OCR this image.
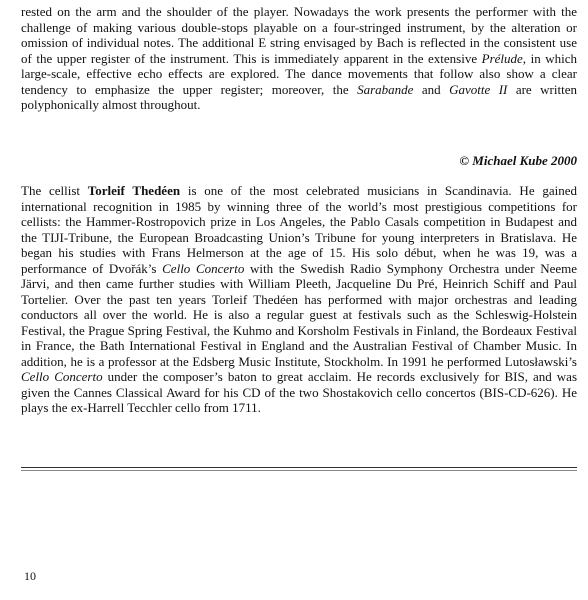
rested on the arm and the shoulder of the player. Nowadays the work presents the performer with the challenge of making various double-stops playable on a four-stringed instrument, by the alteration or omission of individual notes. The additional E string envisaged by Bach is reflected in the consistent use of the upper register of the instrument. This is immediately apparent in the extensive Prélude, in which large-scale, effective echo effects are explored. The dance movements that follow also show a clear tendency to emphasize the upper register; moreover, the Sarabande and Gavotte II are written polyphonically almost throughout.

© Michael Kube 2000

The cellist Torleif Thedéen is one of the most celebrated musicians in Scandinavia. He gained international recognition in 1985 by winning three of the world’s most prestigious competitions for cellists: the Hammer-Rostropovich prize in Los Angeles, the Pablo Casals competition in Budapest and the TIJI-Tribune, the European Broadcasting Union’s Tribune for young interpreters in Bratislava. He began his studies with Frans Helmerson at the age of 15. His solo début, when he was 19, was a performance of Dvořák’s Cello Concerto with the Swedish Radio Symphony Orchestra under Neeme Järvi, and then came further studies with William Pleeth, Jacqueline Du Pré, Heinrich Schiff and Paul Tortelier. Over the past ten years Torleif Thedéen has performed with major orchestras and leading conductors all over the world. He is also a regular guest at festivals such as the Schleswig-Holstein Festival, the Prague Spring Festival, the Kuhmo and Korsholm Festivals in Finland, the Bordeaux Festival in France, the Bath International Festival in England and the Australian Festival of Chamber Music. In addition, he is a professor at the Edsberg Music Institute, Stockholm. In 1991 he performed Lutosławski’s Cello Concerto under the composer’s baton to great acclaim. He records exclusively for BIS, and was given the Cannes Classical Award for his CD of the two Shostakovich cello concertos (BIS-CD-626). He plays the ex-Harrell Tecchler cello from 1711.

10
